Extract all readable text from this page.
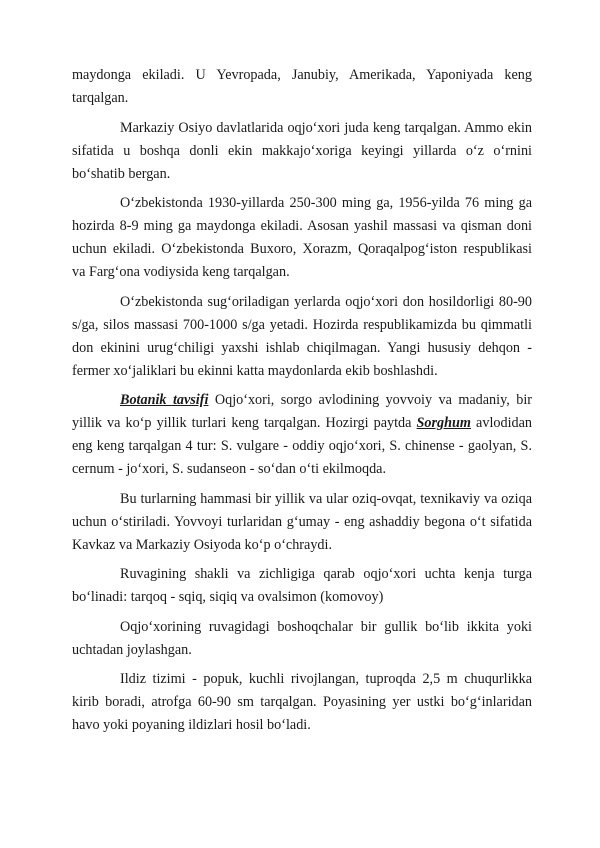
maydonga ekiladi. U Yevropada, Janubiy, Amerikada, Yaponiyada keng tarqalgan.

Markaziy Osiyo davlatlarida oqjo‘xori juda keng tarqalgan. Ammo ekin sifatida u boshqa donli ekin makkajo‘xoriga keyingi yillarda o‘z o‘rnini bo‘shatib bergan.

O‘zbekistonda 1930-yillarda 250-300 ming ga, 1956-yilda 76 ming ga hozirda 8-9 ming ga maydonga ekiladi. Asosan yashil massasi va qisman doni uchun ekiladi. O‘zbekistonda Buxoro, Xorazm, Qoraqalpog‘iston respublikasi va Farg‘ona vodiysida keng tarqalgan.

O‘zbekistonda sug‘oriladigan yerlarda oqjo‘xori don hosildorligi 80-90 s/ga, silos massasi 700-1000 s/ga yetadi. Hozirda respublikamizda bu qimmatli don ekinini urug‘chiligi yaxshi ishlab chiqilmagan. Yangi hususiy dehqon - fermer xo‘jaliklari bu ekinni katta maydonlarda ekib boshlashdi.

Botanik tavsifi Oqjo‘xori, sorgo avlodining yovvoiy va madaniy, bir yillik va ko‘p yillik turlari keng tarqalgan. Hozirgi paytda Sorghum avlodidan eng keng tarqalgan 4 tur: S. vulgare - oddiy oqjo‘xori, S. chinense - gaolyan, S. cernum - jo‘xori, S. sudanseon - so‘dan o‘ti ekilmoqda.

Bu turlarning hammasi bir yillik va ular oziq-ovqat, texnikaviy va oziqa uchun o‘stiriladi. Yovvoyi turlaridan g‘umay - eng ashaddiy begona o‘t sifatida Kavkaz va Markaziy Osiyoda ko‘p o‘chraydi.

Ruvagining shakli va zichligiga qarab oqjo‘xori uchta kenja turga bo‘linadi: tarqoq - sqiq, siqiq va ovalsimon (komovoy)

Oqjo‘xorining ruvagidagi boshoqchalar bir gullik bo‘lib ikkita yoki uchtadan joylashgan.

Ildiz tizimi - popuk, kuchli rivojlangan, tuproqda 2,5 m chuqurlikka kirib boradi, atrofga 60-90 sm tarqalgan. Poyasining yer ustki bo‘g‘inlaridan havo yoki poyaning ildizlari hosil bo‘ladi.
